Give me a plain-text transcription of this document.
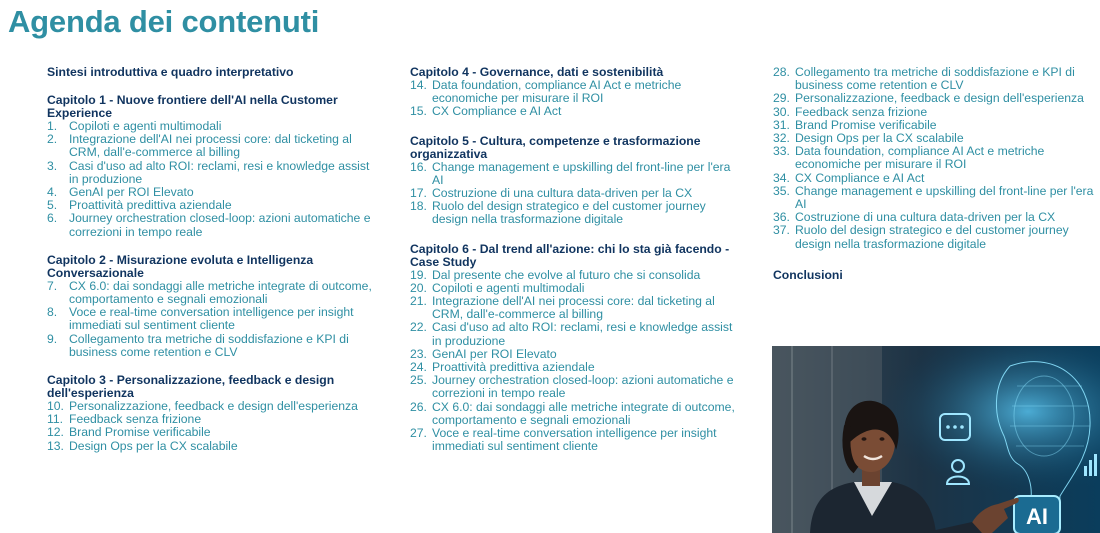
Agenda dei contenuti
Sintesi introduttiva e quadro interpretativo
Capitolo 1 - Nuove frontiere dell'AI nella Customer Experience
1. Copiloti e agenti multimodali
2. Integrazione dell'AI nei processi core: dal ticketing al CRM, dall'e-commerce al billing
3. Casi d'uso ad alto ROI: reclami, resi e knowledge assist in produzione
4. GenAI per ROI Elevato
5. Proattività predittiva aziendale
6. Journey orchestration closed-loop: azioni automatiche e correzioni in tempo reale
Capitolo 2 - Misurazione evoluta e Intelligenza Conversazionale
7. CX 6.0: dai sondaggi alle metriche integrate di outcome, comportamento e segnali emozionali
8. Voce e real-time conversation intelligence per insight immediati sul sentiment cliente
9. Collegamento tra metriche di soddisfazione e KPI di business come retention e CLV
Capitolo 3 - Personalizzazione, feedback e design dell'esperienza
10. Personalizzazione, feedback e design dell'esperienza
11. Feedback senza frizione
12. Brand Promise verificabile
13. Design Ops per la CX scalabile
Capitolo 4 - Governance, dati e sostenibilità
14. Data foundation, compliance AI Act e metriche economiche per misurare il ROI
15. CX Compliance e AI Act
Capitolo 5 - Cultura, competenze e trasformazione organizzativa
16. Change management e upskilling del front-line per l'era AI
17. Costruzione di una cultura data-driven per la CX
18. Ruolo del design strategico e del customer journey design nella trasformazione digitale
Capitolo 6 - Dal trend all'azione: chi lo sta già facendo - Case Study
19. Dal presente che evolve al futuro che si consolida
20. Copiloti e agenti multimodali
21. Integrazione dell'AI nei processi core: dal ticketing al CRM, dall'e-commerce al billing
22. Casi d'uso ad alto ROI: reclami, resi e knowledge assist in produzione
23. GenAI per ROI Elevato
24. Proattività predittiva aziendale
25. Journey orchestration closed-loop: azioni automatiche e correzioni in tempo reale
26. CX 6.0: dai sondaggi alle metriche integrate di outcome, comportamento e segnali emozionali
27. Voce e real-time conversation intelligence per insight immediati sul sentiment cliente
28. Collegamento tra metriche di soddisfazione e KPI di business come retention e CLV
29. Personalizzazione, feedback e design dell'esperienza
30. Feedback senza frizione
31. Brand Promise verificabile
32. Design Ops per la CX scalabile
33. Data foundation, compliance AI Act e metriche economiche per misurare il ROI
34. CX Compliance e AI Act
35. Change management e upskilling del front-line per l'era AI
36. Costruzione di una cultura data-driven per la CX
37. Ruolo del design strategico e del customer journey design nella trasformazione digitale
Conclusioni
AI
